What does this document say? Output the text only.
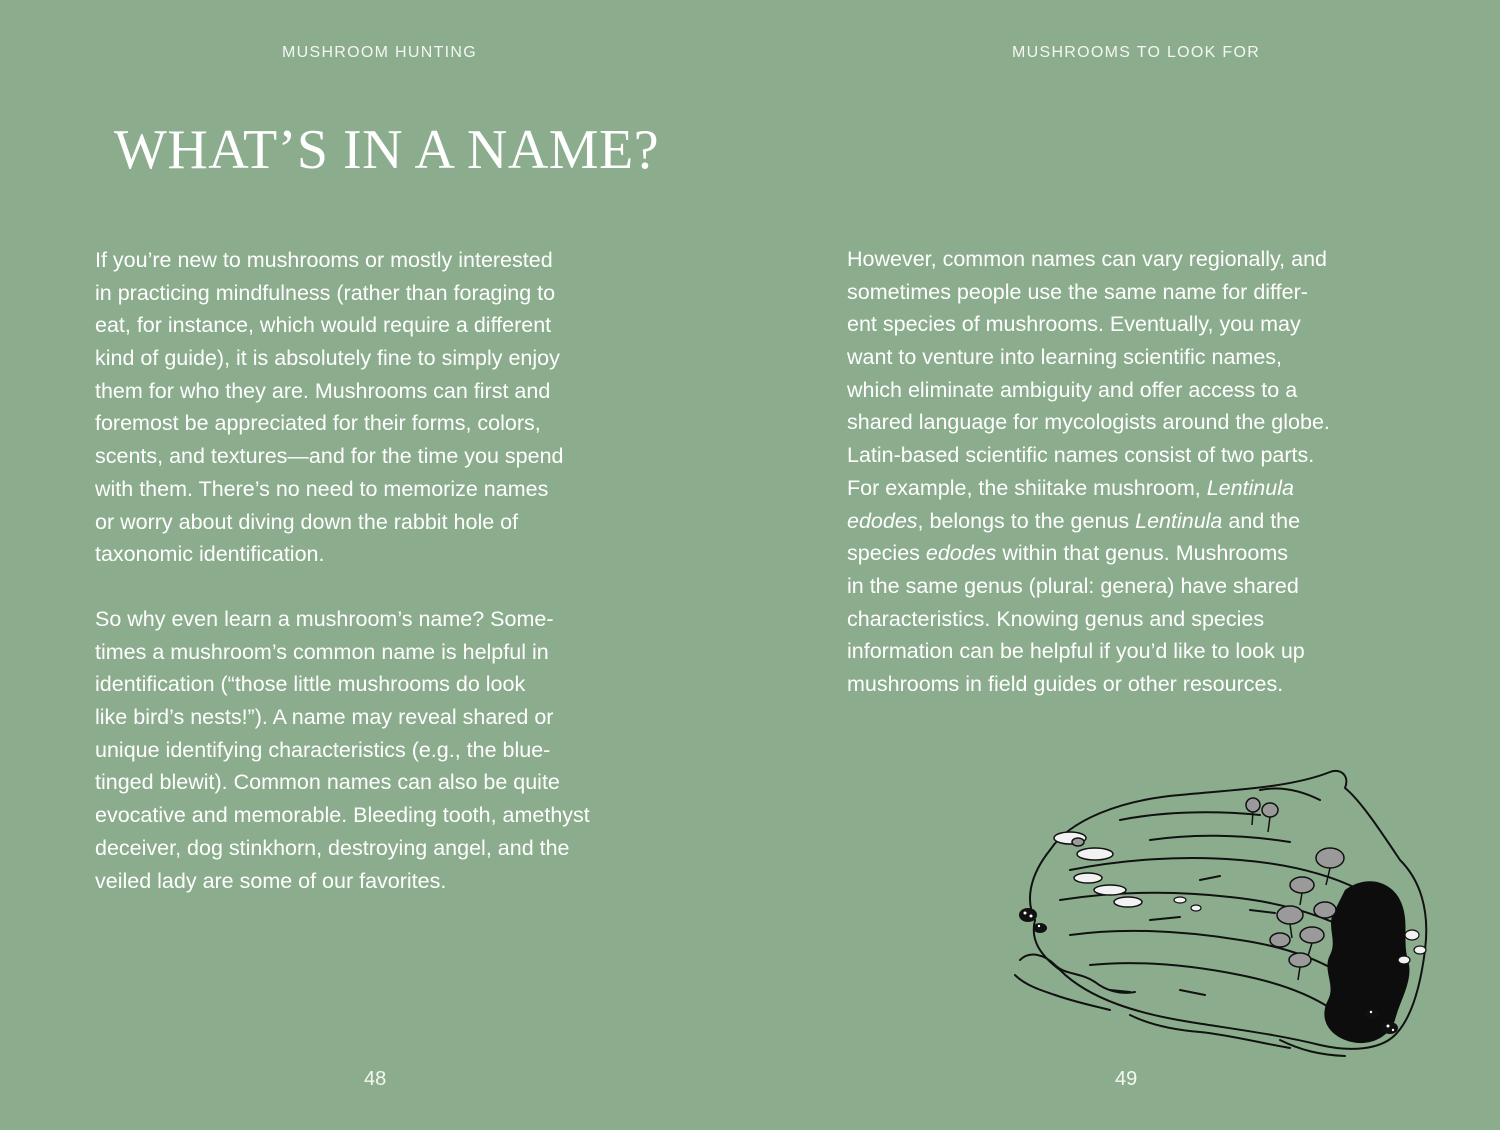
MUSHROOM HUNTING
WHAT’S IN A NAME?

If you’re new to mushrooms or mostly interested
in practicing mindfulness (rather than foraging to
eat, for instance, which would require a different
kind of guide), it is absolutely fine to simply enjoy
them for who they are. Mushrooms can first and
foremost be appreciated for their forms, colors,
scents, and textures—and for the time you spend
with them. There’s no need to memorize names
or worry about diving down the rabbit hole of
taxonomic identification.

So why even learn a mushroom’s name? Some-
times a mushroom’s common name is helpful in
identification (“those little mushrooms do look
like bird’s nests!”). A name may reveal shared or
unique identifying characteristics (e.g., the blue-
tinged blewit). Common names can also be quite
evocative and memorable. Bleeding tooth, amethyst
deceiver, dog stinkhorn, destroying angel, and the
veiled lady are some of our favorites.

48
MUSHROOMS TO LOOK FOR

However, common names can vary regionally, and
sometimes people use the same name for differ-
ent species of mushrooms. Eventually, you may
want to venture into learning scientific names,
which eliminate ambiguity and offer access to a
shared language for mycologists around the globe.
Latin-based scientific names consist of two parts.
For example, the shiitake mushroom, Lentinula
edodes, belongs to the genus Lentinula and the
species edodes within that genus. Mushrooms
in the same genus (plural: genera) have shared
characteristics. Knowing genus and species
information can be helpful if you’d like to look up
mushrooms in field guides or other resources.

49
